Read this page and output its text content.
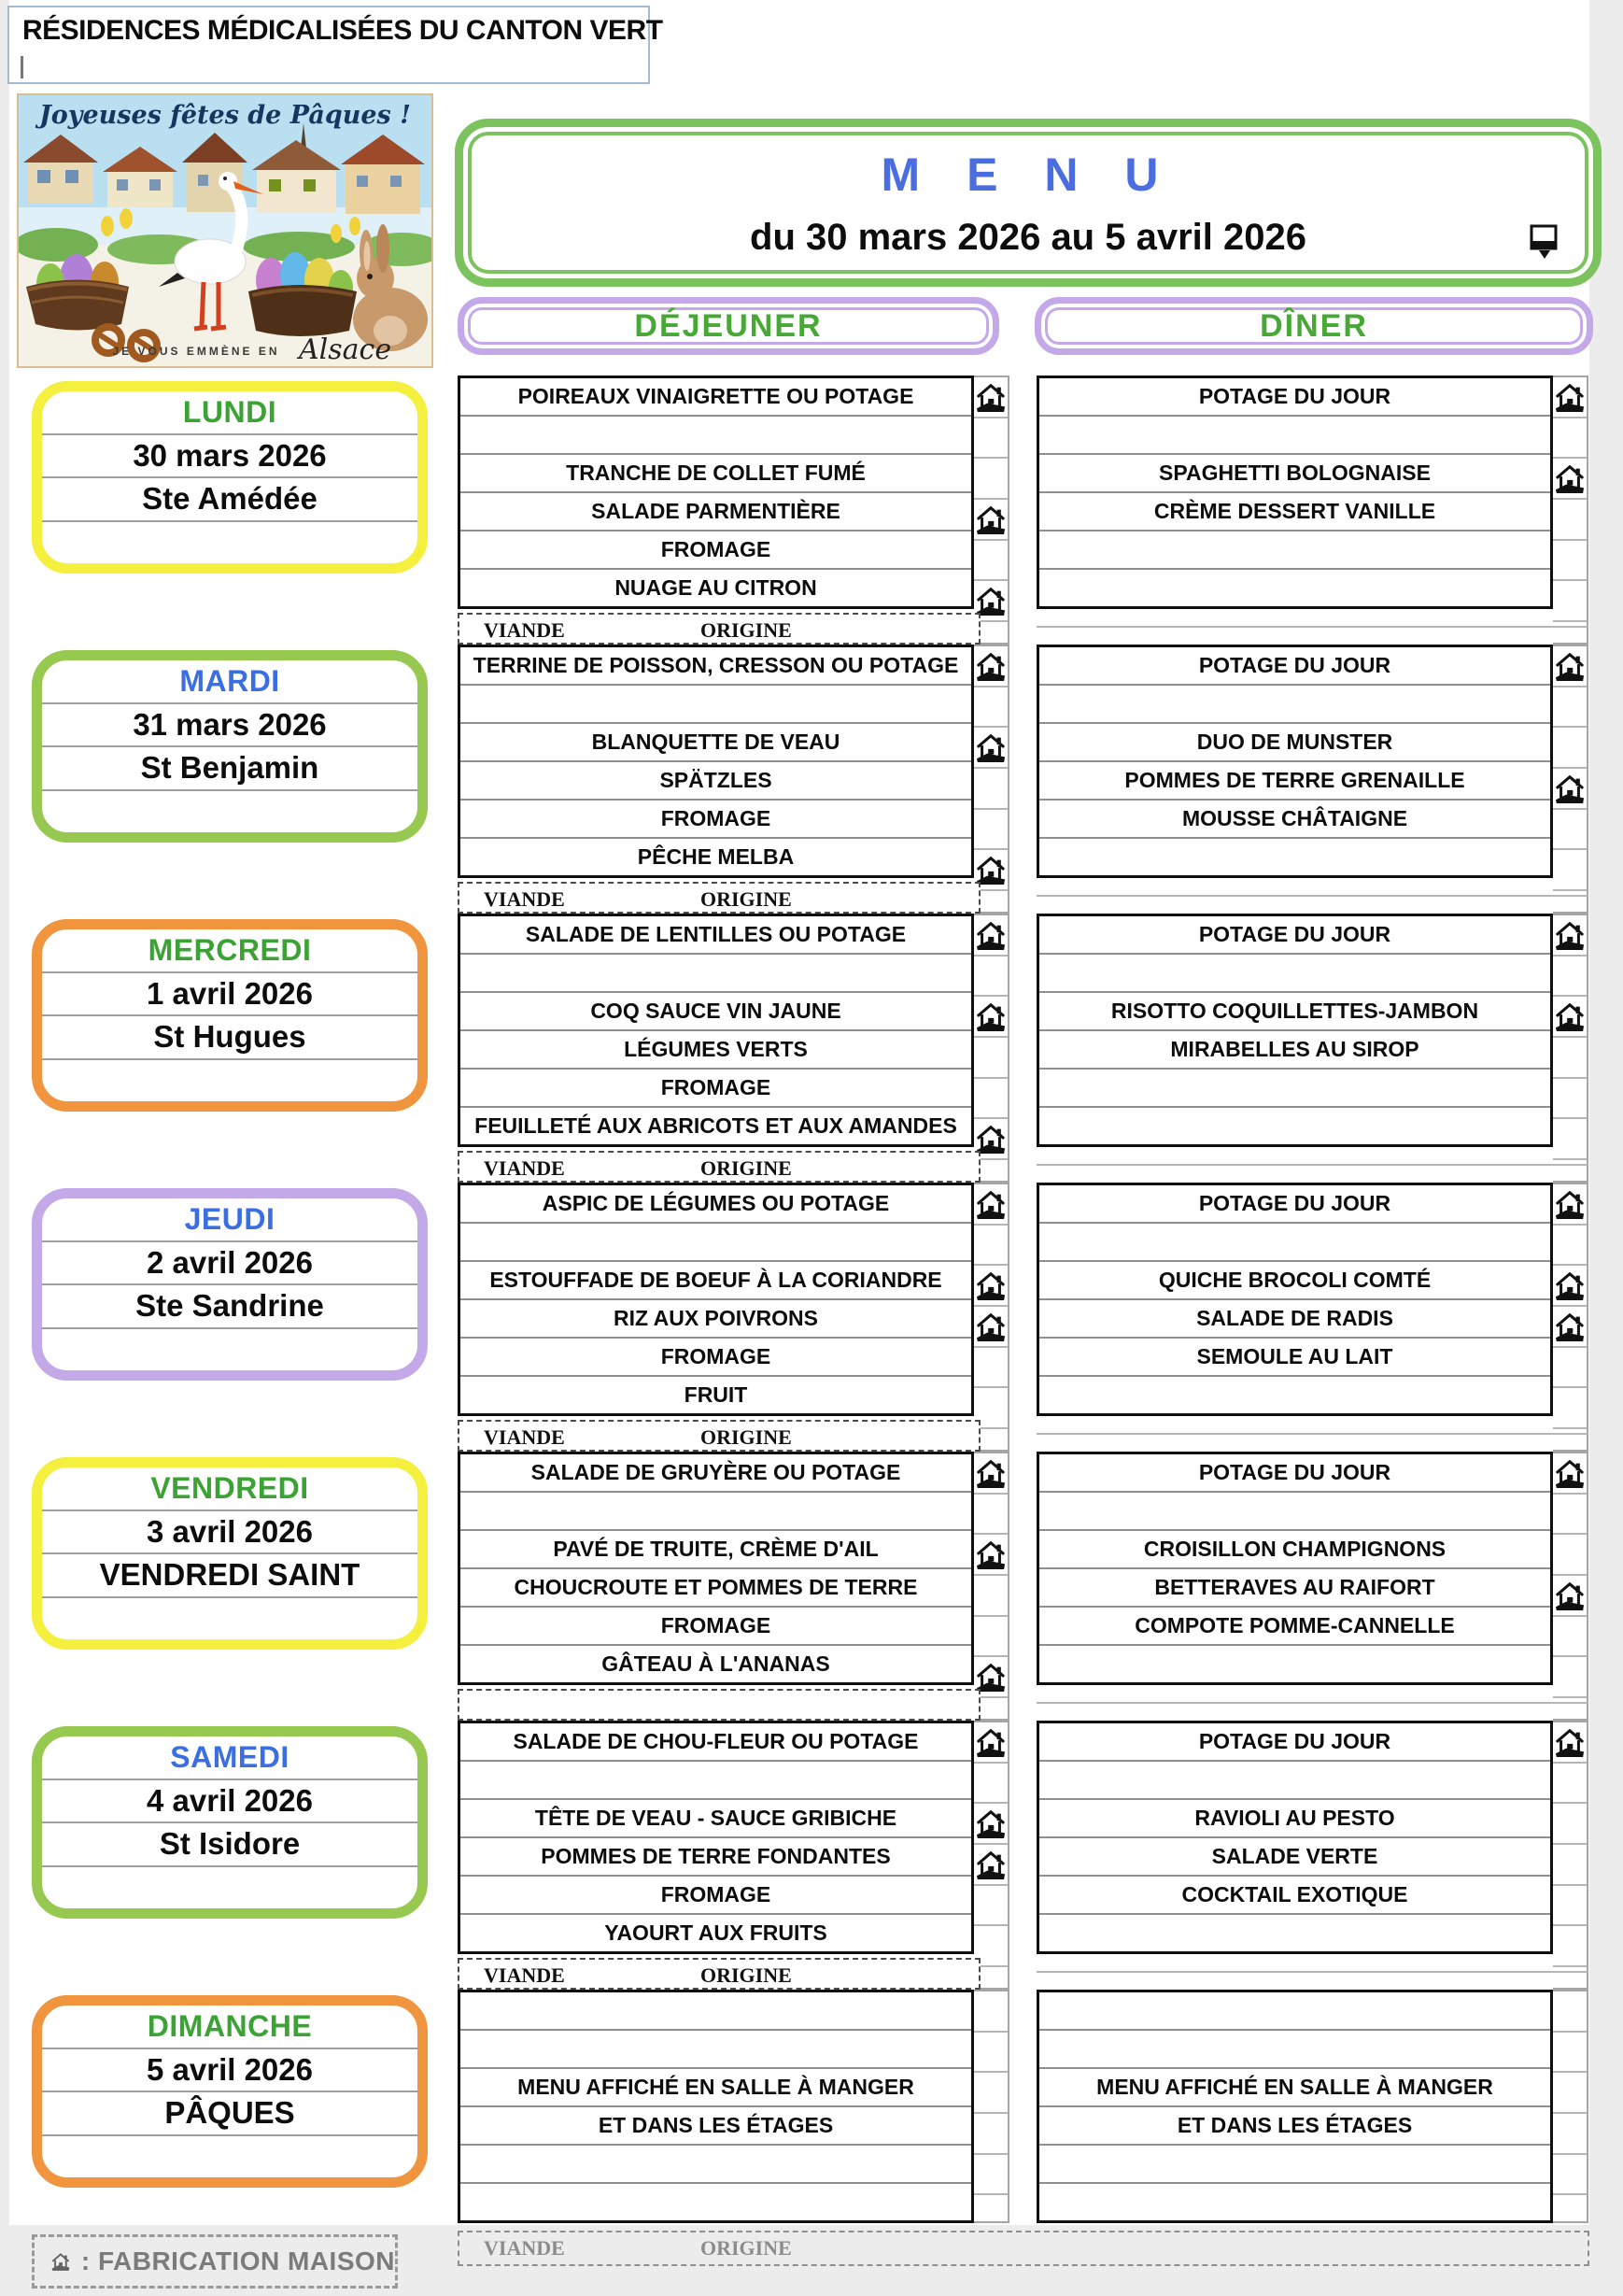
RÉSIDENCES MÉDICALISÉES DU CANTON VERT
Joyeuses fêtes de Pâques !
JE VOUS EMMÈNE EN Alsace
M E N U
du 30 mars 2026 au 5 avril 2026
DÉJEUNER	DÎNER
LUNDI
30 mars 2026
Ste Amédée
POIREAUX VINAIGRETTE OU POTAGE
TRANCHE DE COLLET FUMÉ
SALADE PARMENTIÈRE
FROMAGE
NUAGE AU CITRON
POTAGE DU JOUR
SPAGHETTI BOLOGNAISE
CRÈME DESSERT VANILLE
VIANDE	ORIGINE
MARDI
31 mars 2026
St Benjamin
TERRINE DE POISSON, CRESSON OU POTAGE
BLANQUETTE DE VEAU
SPÄTZLES
FROMAGE
PÊCHE MELBA
POTAGE DU JOUR
DUO DE MUNSTER
POMMES DE TERRE GRENAILLE
MOUSSE CHÂTAIGNE
VIANDE	ORIGINE
MERCREDI
1 avril 2026
St Hugues
SALADE DE LENTILLES OU POTAGE
COQ SAUCE VIN JAUNE
LÉGUMES VERTS
FROMAGE
FEUILLETÉ AUX ABRICOTS ET AUX AMANDES
POTAGE DU JOUR
RISOTTO COQUILLETTES-JAMBON
MIRABELLES AU SIROP
VIANDE	ORIGINE
JEUDI
2 avril 2026
Ste Sandrine
ASPIC DE LÉGUMES OU POTAGE
ESTOUFFADE DE BOEUF À LA CORIANDRE
RIZ AUX POIVRONS
FROMAGE
FRUIT
POTAGE DU JOUR
QUICHE BROCOLI COMTÉ
SALADE DE RADIS
SEMOULE AU LAIT
VIANDE	ORIGINE
VENDREDI
3 avril 2026
VENDREDI SAINT
SALADE DE GRUYÈRE OU POTAGE
PAVÉ DE TRUITE, CRÈME D'AIL
CHOUCROUTE ET POMMES DE TERRE
FROMAGE
GÂTEAU À L'ANANAS
POTAGE DU JOUR
CROISILLON CHAMPIGNONS
BETTERAVES AU RAIFORT
COMPOTE POMME-CANNELLE
SAMEDI
4 avril 2026
St Isidore
SALADE DE CHOU-FLEUR OU POTAGE
TÊTE DE VEAU - SAUCE GRIBICHE
POMMES DE TERRE FONDANTES
FROMAGE
YAOURT AUX FRUITS
POTAGE DU JOUR
RAVIOLI AU PESTO
SALADE VERTE
COCKTAIL EXOTIQUE
VIANDE	ORIGINE
DIMANCHE
5 avril 2026
PÂQUES
MENU AFFICHÉ EN SALLE À MANGER
ET DANS LES ÉTAGES
MENU AFFICHÉ EN SALLE À MANGER
ET DANS LES ÉTAGES
VIANDE	ORIGINE
: FABRICATION MAISON
